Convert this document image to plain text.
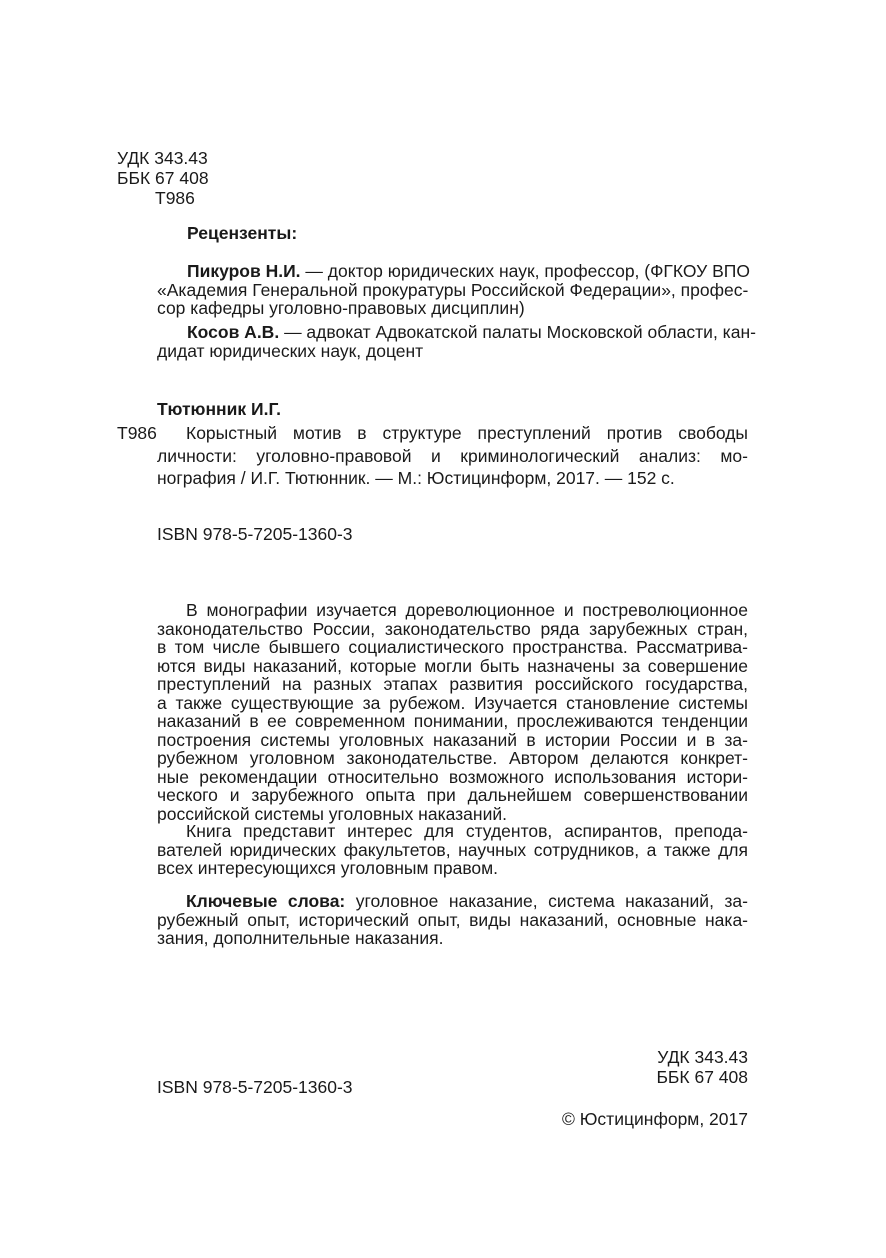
УДК 343.43
ББК 67 408
Т986
Рецензенты:
Пикуров Н.И. — доктор юридических наук, профессор, (ФГКОУ ВПО
«Академия Генеральной прокуратуры Российской Федерации», профес-
сор кафедры уголовно-правовых дисциплин)
Косов А.В. — адвокат Адвокатской палаты Московской области, кан-
дидат юридических наук, доцент
Тютюнник И.Г.
Т986	Корыстный мотив в структуре преступлений против свободы
личности: уголовно-правовой и криминологический анализ: мо-
нография / И.Г. Тютюнник. — М.: Юстицинформ, 2017. — 152 с.
ISBN 978-5-7205-1360-3
В монографии изучается дореволюционное и постреволюционное
законодательство России, законодательство ряда зарубежных стран,
в том числе бывшего социалистического пространства. Рассматрива-
ются виды наказаний, которые могли быть назначены за совершение
преступлений на разных этапах развития российского государства,
а также существующие за рубежом. Изучается становление системы
наказаний в ее современном понимании, прослеживаются тенденции
построения системы уголовных наказаний в истории России и в за-
рубежном уголовном законодательстве. Автором делаются конкрет-
ные рекомендации относительно возможного использования истори-
ческого и зарубежного опыта при дальнейшем совершенствовании
российской системы уголовных наказаний.
Книга представит интерес для студентов, аспирантов, препода-
вателей юридических факультетов, научных сотрудников, а также для
всех интересующихся уголовным правом.
Ключевые слова: уголовное наказание, система наказаний, за-
рубежный опыт, исторический опыт, виды наказаний, основные нака-
зания, дополнительные наказания.
УДК 343.43
ББК 67 408
ISBN 978-5-7205-1360-3
© Юстицинформ, 2017
